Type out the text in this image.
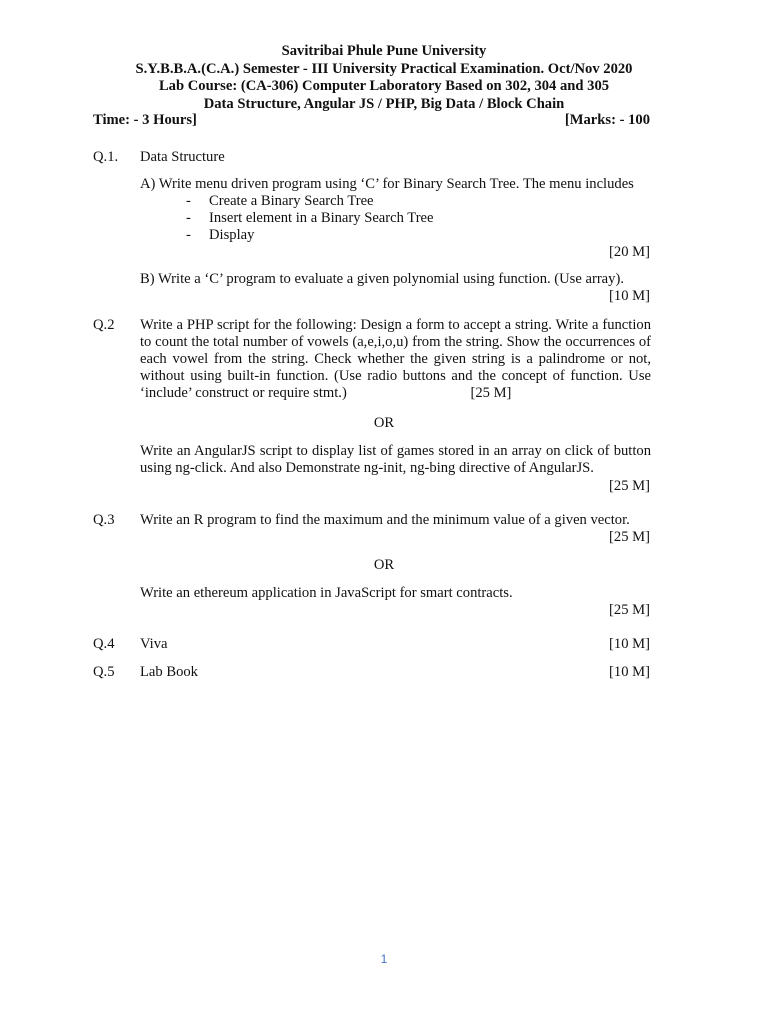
Savitribai Phule Pune University
S.Y.B.B.A.(C.A.) Semester - III University Practical Examination. Oct/Nov 2020
Lab Course: (CA-306) Computer Laboratory Based on 302, 304 and 305
Data Structure, Angular JS / PHP, Big Data / Block Chain
Time: - 3 Hours]	[Marks: - 100
Q.1. Data Structure
A) Write menu driven program using ‘C’ for Binary Search Tree. The menu includes
- Create a Binary Search Tree
- Insert element in a Binary Search Tree
- Display
[20 M]
B) Write a ‘C’ program to evaluate a given polynomial using function. (Use array).
[10 M]
Q.2 Write a PHP script for the following: Design a form to accept a string. Write a function to count the total number of vowels (a,e,i,o,u) from the string. Show the occurrences of each vowel from the string. Check whether the given string is a palindrome or not, without using built-in function. (Use radio buttons and the concept of function. Use ‘include’ construct or require stmt.)	[25 M]
OR
Write an AngularJS script to display list of games stored in an array on click of button using ng-click. And also Demonstrate ng-init, ng-bing directive of AngularJS.
[25 M]
Q.3 Write an R program to find the maximum and the minimum value of a given vector.
[25 M]
OR
Write an ethereum application in JavaScript for smart contracts.
[25 M]
Q.4 Viva	[10 M]
Q.5 Lab Book	[10 M]
1
